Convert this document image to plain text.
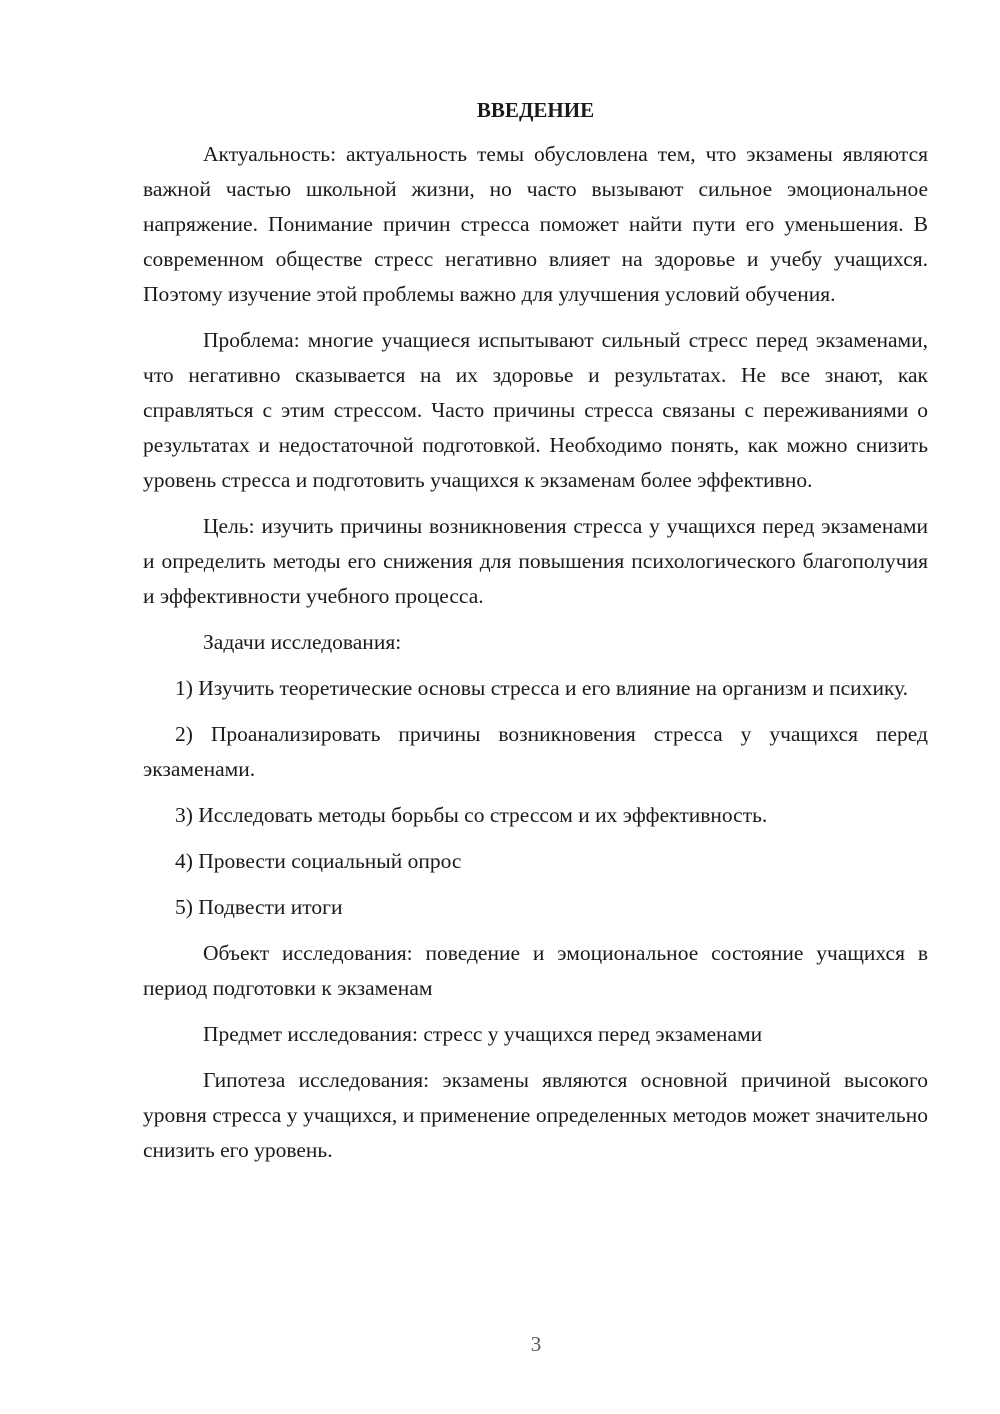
ВВЕДЕНИЕ

Актуальность: актуальность темы обусловлена тем, что экзамены являются важной частью школьной жизни, но часто вызывают сильное эмоциональное напряжение. Понимание причин стресса поможет найти пути его уменьшения. В современном обществе стресс негативно влияет на здоровье и учебу учащихся. Поэтому изучение этой проблемы важно для улучшения условий обучения.

Проблема: многие учащиеся испытывают сильный стресс перед экзаменами, что негативно сказывается на их здоровье и результатах. Не все знают, как справляться с этим стрессом. Часто причины стресса связаны с переживаниями о результатах и недостаточной подготовкой. Необходимо понять, как можно снизить уровень стресса и подготовить учащихся к экзаменам более эффективно.

Цель: изучить причины возникновения стресса у учащихся перед экзаменами и определить методы его снижения для повышения психологического благополучия и эффективности учебного процесса.

Задачи исследования:

1) Изучить теоретические основы стресса и его влияние на организм и психику.

2) Проанализировать причины возникновения стресса у учащихся перед экзаменами.

3) Исследовать методы борьбы со стрессом и их эффективность.

4) Провести социальный опрос

5) Подвести итоги

Объект исследования: поведение и эмоциональное состояние учащихся в период подготовки к экзаменам

Предмет исследования: стресс у учащихся перед экзаменами

Гипотеза исследования: экзамены являются основной причиной высокого уровня стресса у учащихся, и применение определенных методов может значительно снизить его уровень.

3
